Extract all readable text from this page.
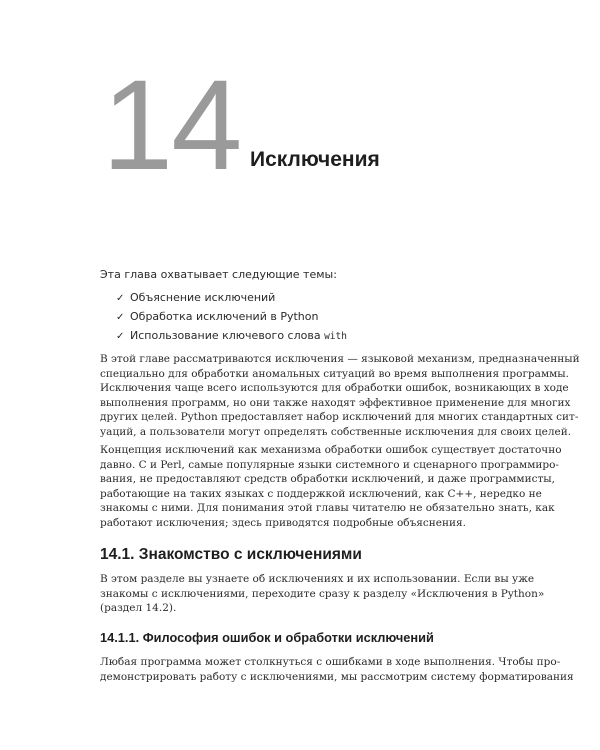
14 Исключения
Эта глава охватывает следующие темы:
✓ Объяснение исключений
✓ Обработка исключений в Python
✓ Использование ключевого слова with

В этой главе рассматриваются исключения — языковой механизм, предназначенный
специально для обработки аномальных ситуаций во время выполнения программы.
Исключения чаще всего используются для обработки ошибок, возникающих в ходе
выполнения программ, но они также находят эффективное применение для многих
других целей. Python предоставляет набор исключений для многих стандартных сит-
уаций, а пользователи могут определять собственные исключения для своих целей.

Концепция исключений как механизма обработки ошибок существует достаточно
давно. C и Perl, самые популярные языки системного и сценарного программиро-
вания, не предоставляют средств обработки исключений, и даже программисты,
работающие на таких языках с поддержкой исключений, как C++, нередко не
знакомы с ними. Для понимания этой главы читателю не обязательно знать, как
работают исключения; здесь приводятся подробные объяснения.

14.1. Знакомство с исключениями

В этом разделе вы узнаете об исключениях и их использовании. Если вы уже
знакомы с исключениями, переходите сразу к разделу «Исключения в Python»
(раздел 14.2).

14.1.1. Философия ошибок и обработки исключений

Любая программа может столкнуться с ошибками в ходе выполнения. Чтобы про-
демонстрировать работу с исключениями, мы рассмотрим систему форматирования
